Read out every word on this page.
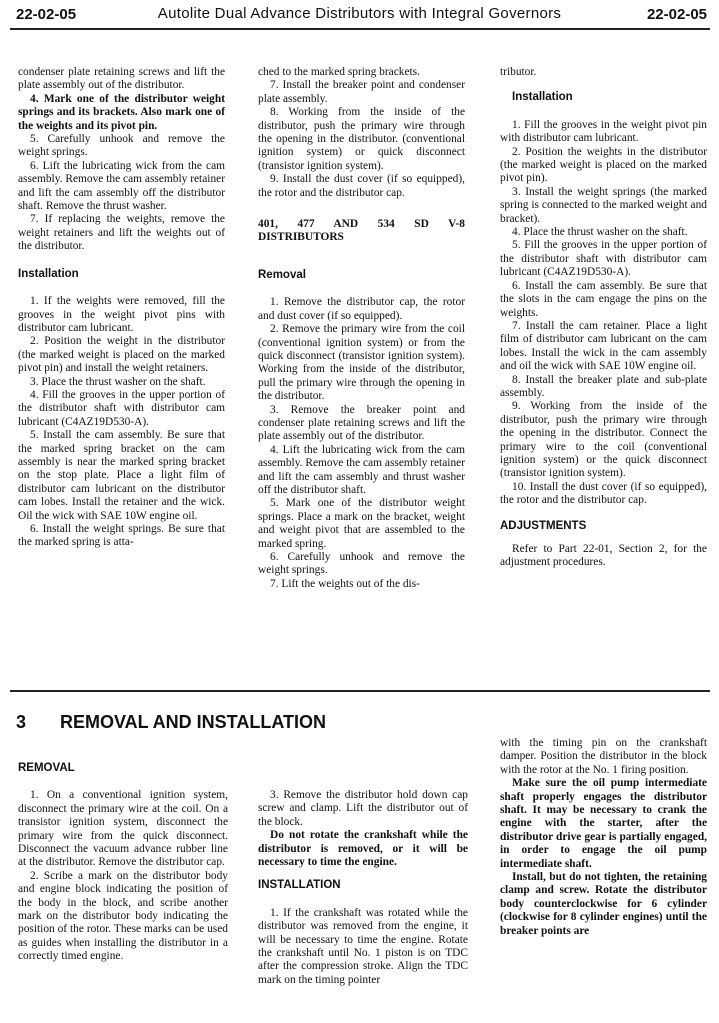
22-02-05	Autolite Dual Advance Distributors with Integral Governors	22-02-05

condenser plate retaining screws and lift the plate assembly out of the distributor.

4. Mark one of the distributor weight springs and its brackets. Also mark one of the weights and its pivot pin.

5. Carefully unhook and remove the weight springs.

6. Lift the lubricating wick from the cam assembly. Remove the cam assembly retainer and lift the cam assembly off the distributor shaft. Remove the thrust washer.

7. If replacing the weights, remove the weight retainers and lift the weights out of the distributor.

Installation

1. If the weights were removed, fill the grooves in the weight pivot pins with distributor cam lubricant.

2. Position the weight in the distributor (the marked weight is placed on the marked pivot pin) and install the weight retainers.

3. Place the thrust washer on the shaft.

4. Fill the grooves in the upper portion of the distributor shaft with distributor cam lubricant (C4AZ19D530-A).

5. Install the cam assembly. Be sure that the marked spring bracket on the cam assembly is near the marked spring bracket on the stop plate. Place a light film of distributor cam lubricant on the distributor cam lobes. Install the retainer and the wick. Oil the wick with SAE 10W engine oil.

6. Install the weight springs. Be sure that the marked spring is atta-

ched to the marked spring brackets.

7. Install the breaker point and condenser plate assembly.

8. Working from the inside of the distributor, push the primary wire through the opening in the distributor. (conventional ignition system) or quick disconnect (transistor ignition system).

9. Install the dust cover (if so equipped), the rotor and the distributor cap.

401, 477 AND 534 SD V-8 DISTRIBUTORS

Removal

1. Remove the distributor cap, the rotor and dust cover (if so equipped).

2. Remove the primary wire from the coil (conventional ignition system) or from the quick disconnect (transistor ignition system). Working from the inside of the distributor, pull the primary wire through the opening in the distributor.

3. Remove the breaker point and condenser plate retaining screws and lift the plate assembly out of the distributor.

4. Lift the lubricating wick from the cam assembly. Remove the cam assembly retainer and lift the cam assembly and thrust washer off the distributor shaft.

5. Mark one of the distributor weight springs. Place a mark on the bracket, weight and weight pivot that are assembled to the marked spring.

6. Carefully unhook and remove the weight springs.

7. Lift the weights out of the dis-

tributor.

Installation

1. Fill the grooves in the weight pivot pin with distributor cam lubricant.

2. Position the weights in the distributor (the marked weight is placed on the marked pivot pin).

3. Install the weight springs (the marked spring is connected to the marked weight and bracket).

4. Place the thrust washer on the shaft.

5. Fill the grooves in the upper portion of the distributor shaft with distributor cam lubricant (C4AZ19D530-A).

6. Install the cam assembly. Be sure that the slots in the cam engage the pins on the weights.

7. Install the cam retainer. Place a light film of distributor cam lubricant on the cam lobes. Install the wick in the cam assembly and oil the wick with SAE 10W engine oil.

8. Install the breaker plate and sub-plate assembly.

9. Working from the inside of the distributor, push the primary wire through the opening in the distributor. Connect the primary wire to the coil (conventional ignition system) or the quick disconnect (transistor ignition system).

10. Install the dust cover (if so equipped), the rotor and the distributor cap.

ADJUSTMENTS

Refer to Part 22-01, Section 2, for the adjustment procedures.

3 REMOVAL AND INSTALLATION

REMOVAL

1. On a conventional ignition system, disconnect the primary wire at the coil. On a transistor ignition system, disconnect the primary wire from the quick disconnect. Disconnect the vacuum advance rubber line at the distributor. Remove the distributor cap.

2. Scribe a mark on the distributor body and engine block indicating the position of the body in the block, and scribe another mark on the distributor body indicating the position of the rotor. These marks can be used as guides when installing the distributor in a correctly timed engine.

3. Remove the distributor hold down cap screw and clamp. Lift the distributor out of the block.

Do not rotate the crankshaft while the distributor is removed, or it will be necessary to time the engine.

INSTALLATION

1. If the crankshaft was rotated while the distributor was removed from the engine, it will be necessary to time the engine. Rotate the crankshaft until No. 1 piston is on TDC after the compression stroke. Align the TDC mark on the timing pointer

with the timing pin on the crankshaft damper. Position the distributor in the block with the rotor at the No. 1 firing position.

Make sure the oil pump intermediate shaft properly engages the distributor shaft. It may be necessary to crank the engine with the starter, after the distributor drive gear is partially engaged, in order to engage the oil pump intermediate shaft.

Install, but do not tighten, the retaining clamp and screw. Rotate the distributor body counterclockwise for 6 cylinder (clockwise for 8 cylinder engines) until the breaker points are
